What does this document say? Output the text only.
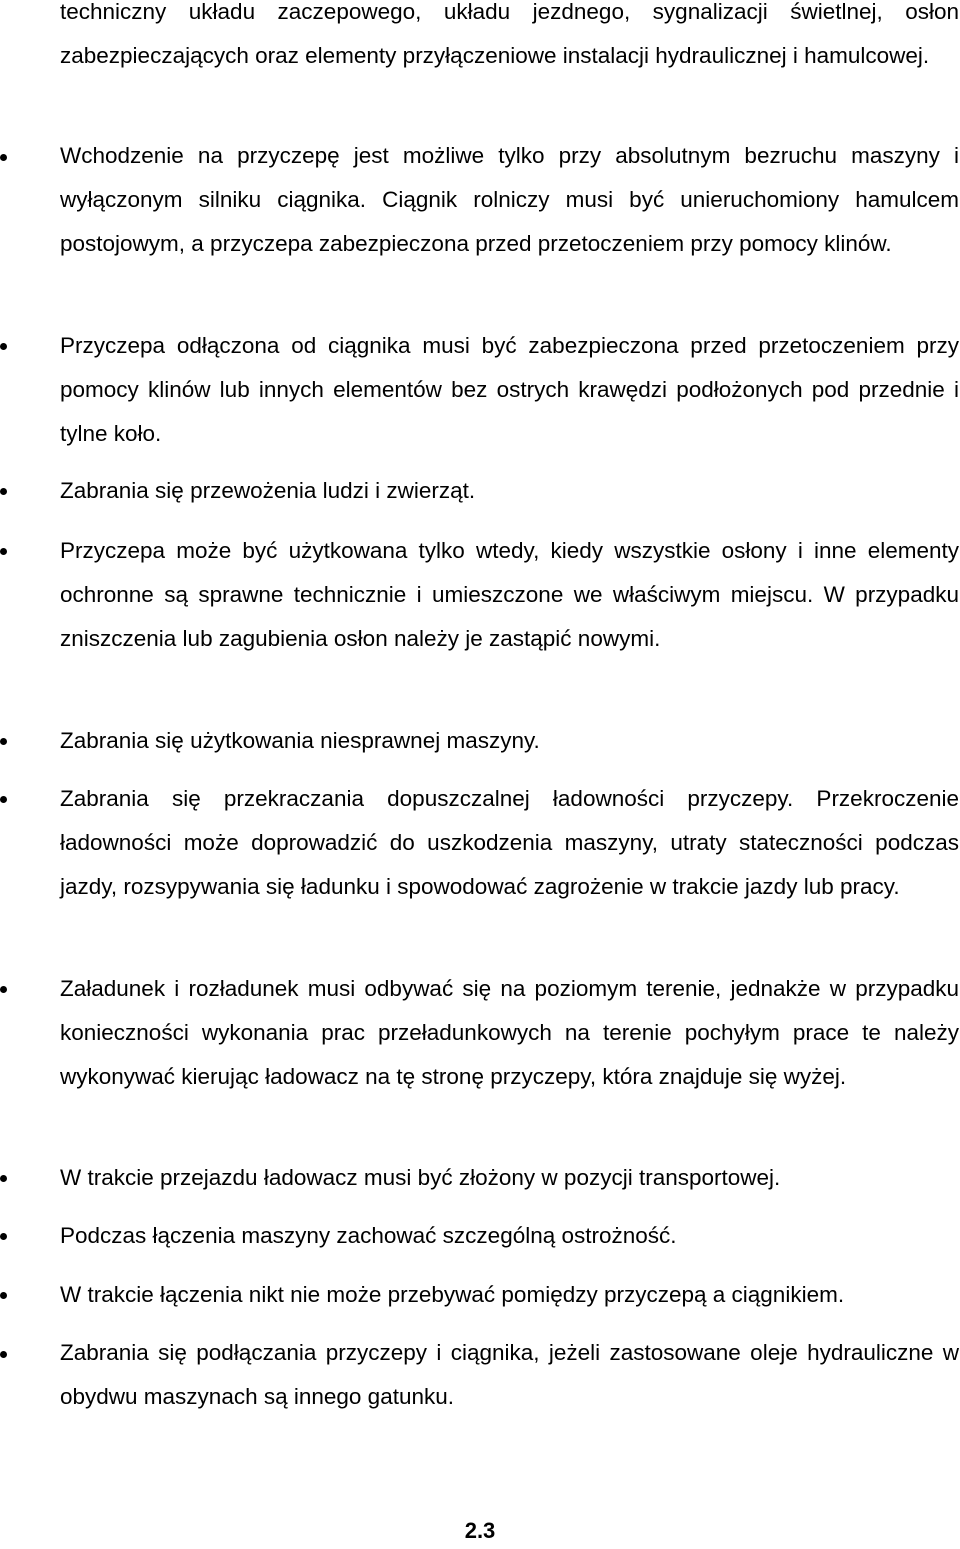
techniczny układu zaczepowego, układu jezdnego, sygnalizacji świetlnej, osłon zabezpieczających oraz elementy przyłączeniowe instalacji hydraulicznej i hamulcowej.

Wchodzenie na przyczepę jest możliwe tylko przy absolutnym bezruchu maszyny i wyłączonym silniku ciągnika. Ciągnik rolniczy musi być unieruchomiony hamulcem postojowym, a przyczepa zabezpieczona przed przetoczeniem przy pomocy klinów.

Przyczepa odłączona od ciągnika musi być zabezpieczona przed przetoczeniem przy pomocy klinów lub innych elementów bez ostrych krawędzi podłożonych pod przednie i tylne koło.

Zabrania się przewożenia ludzi i zwierząt.

Przyczepa może być użytkowana tylko wtedy, kiedy wszystkie osłony i inne elementy ochronne są sprawne technicznie i umieszczone we właściwym miejscu. W przypadku zniszczenia lub zagubienia osłon należy je zastąpić nowymi.

Zabrania się użytkowania niesprawnej maszyny.

Zabrania się przekraczania dopuszczalnej ładowności przyczepy. Przekroczenie ładowności może doprowadzić do uszkodzenia maszyny, utraty stateczności podczas jazdy, rozsypywania się ładunku i spowodować zagrożenie w trakcie jazdy lub pracy.

Załadunek i rozładunek musi odbywać się na poziomym terenie, jednakże w przypadku konieczności wykonania prac przeładunkowych na terenie pochyłym prace te należy wykonywać kierując ładowacz na tę stronę przyczepy, która znajduje się wyżej.

W trakcie przejazdu ładowacz musi być złożony w pozycji transportowej.

Podczas łączenia maszyny zachować szczególną ostrożność.

W trakcie łączenia nikt nie może przebywać pomiędzy przyczepą a ciągnikiem.

Zabrania się podłączania przyczepy i ciągnika, jeżeli zastosowane oleje hydrauliczne w obydwu maszynach są innego gatunku.

2.3
